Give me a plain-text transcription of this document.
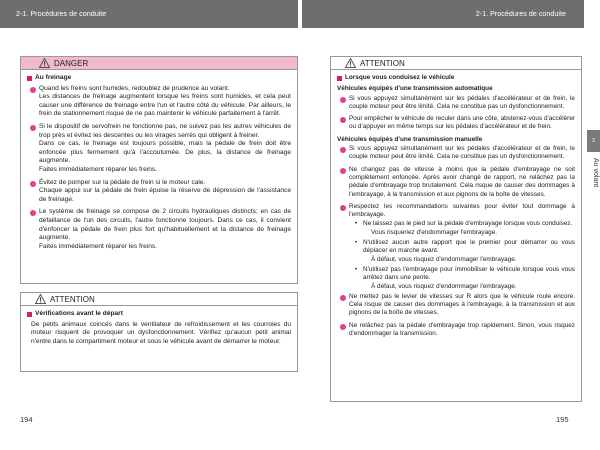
2-1. Procédures de conduite	2-1. Procédures de conduite
DANGER
Au freinage

Quand les freins sont humides, redoublez de prudence au volant.

Les distances de freinage augmentent lorsque les freins sont humides, et cela peut causer une différence de freinage entre l'un et l'autre côté du véhicule. Par ailleurs, le frein de stationnement risque de ne pas maintenir le véhicule parfaitement à l'arrêt.

Si le dispositif de servofrein ne fonctionne pas, ne suivez pas les autres véhicules de trop près et évitez les descentes ou les virages serrés qui obligent à freiner.

Dans ce cas, le freinage est toujours possible, mais la pédale de frein doit être enfoncée plus fermement qu'à l'accoutumée. De plus, la distance de freinage augmente.

Faites immédiatement réparer les freins.

Évitez de pomper sur la pédale de frein si le moteur cale.

Chaque appui sur la pédale de frein épuise la réserve de dépression de l'assistance de freinage.

Le système de freinage se compose de 2 circuits hydrauliques distincts; en cas de défaillance de l'un des circuits, l'autre fonctionne toujours. Dans ce cas, il convient d'enfoncer la pédale de frein plus fort qu'habituellement et la distance de freinage augmente.

Faites immédiatement réparer les freins.

ATTENTION
Vérifications avant le départ
De petits animaux coincés dans le ventilateur de refroidissement et les courroies du moteur risquent de provoquer un dysfonctionnement. Vérifiez qu'aucun petit animal n'entre dans le compartiment moteur et sous le véhicule avant de démarrer le moteur.
ATTENTION
Lorsque vous conduisez le véhicule
Véhicules équipés d'une transmission automatique

Si vous appuyez simultanément sur les pédales d'accélérateur et de frein, le couple moteur peut être limité. Cela ne constitue pas un dysfonctionnement.

Pour empêcher le véhicule de reculer dans une côte, abstenez-vous d'accélérer ou d'appuyer en même temps sur les pédales d'accélérateur et de frein.

Véhicules équipés d'une transmission manuelle

Si vous appuyez simultanément sur les pédales d'accélérateur et de frein, le couple moteur peut être limité. Cela ne constitue pas un dysfonctionnement.

Ne changez pas de vitesse à moins que la pédale d'embrayage ne soit complètement enfoncée. Après avoir changé de rapport, ne relâchez pas la pédale d'embrayage trop brutalement. Cela risque de causer des dommages à l'embrayage, à la transmission et aux pignons de la boîte de vitesses.

Respectez les recommandations suivantes pour éviter tout dommage à l'embrayage.

• Ne laissez pas le pied sur la pédale d'embrayage lorsque vous conduisez.

Vous risqueriez d'endommager l'embrayage.

• N'utilisez aucun autre rapport que le premier pour démarrer ou vous déplacer en marche avant.

À défaut, vous risquez d'endommager l'embrayage.

• N'utilisez pas l'embrayage pour immobiliser le véhicule lorsque vous vous arrêtez dans une pente.

À défaut, vous risquez d'endommager l'embrayage.

Ne mettez pas le levier de vitesses sur R alors que le véhicule roule encore. Cela risque de causer des dommages à l'embrayage, à la transmission et aux pignons de la boîte de vitesses.

Ne relâchez pas la pédale d'embrayage trop rapidement. Sinon, vous risquez d'endommager la transmission.

2
Au volant
194	195
